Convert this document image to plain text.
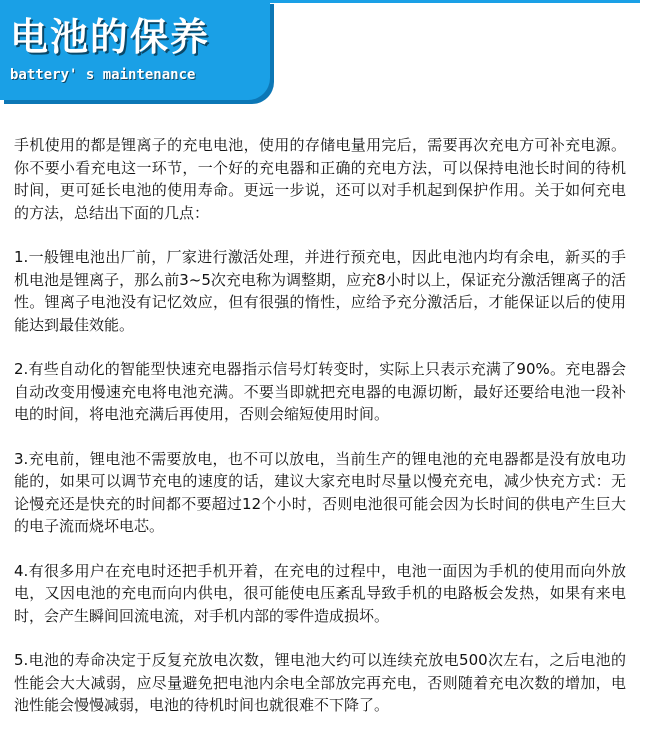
电池的保养
battery' s maintenance

手机使用的都是锂离子的充电电池，使用的存储电量用完后，需要再次充电方可补充电源。你不要小看充电这一环节，一个好的充电器和正确的充电方法，可以保持电池长时间的待机时间，更可延长电池的使用寿命。更远一步说，还可以对手机起到保护作用。关于如何充电的方法，总结出下面的几点：

1.一般锂电池出厂前，厂家进行激活处理，并进行预充电，因此电池内均有余电，新买的手机电池是锂离子，那么前3~5次充电称为调整期，应充8小时以上，保证充分激活锂离子的活性。锂离子电池没有记忆效应，但有很强的惰性，应给予充分激活后，才能保证以后的使用能达到最佳效能。

2.有些自动化的智能型快速充电器指示信号灯转变时，实际上只表示充满了90%。充电器会自动改变用慢速充电将电池充满。不要当即就把充电器的电源切断，最好还要给电池一段补电的时间，将电池充满后再使用，否则会缩短使用时间。

3.充电前，锂电池不需要放电，也不可以放电，当前生产的锂电池的充电器都是没有放电功能的，如果可以调节充电的速度的话，建议大家充电时尽量以慢充充电，减少快充方式：无论慢充还是快充的时间都不要超过12个小时，否则电池很可能会因为长时间的供电产生巨大的电子流而烧坏电芯。

4.有很多用户在充电时还把手机开着，在充电的过程中，电池一面因为手机的使用而向外放电，又因电池的充电而向内供电，很可能使电压紊乱导致手机的电路板会发热，如果有来电时，会产生瞬间回流电流，对手机内部的零件造成损坏。

5.电池的寿命决定于反复充放电次数，锂电池大约可以连续充放电500次左右，之后电池的性能会大大减弱，应尽量避免把电池内余电全部放完再充电，否则随着充电次数的增加，电池性能会慢慢减弱，电池的待机时间也就很难不下降了。
